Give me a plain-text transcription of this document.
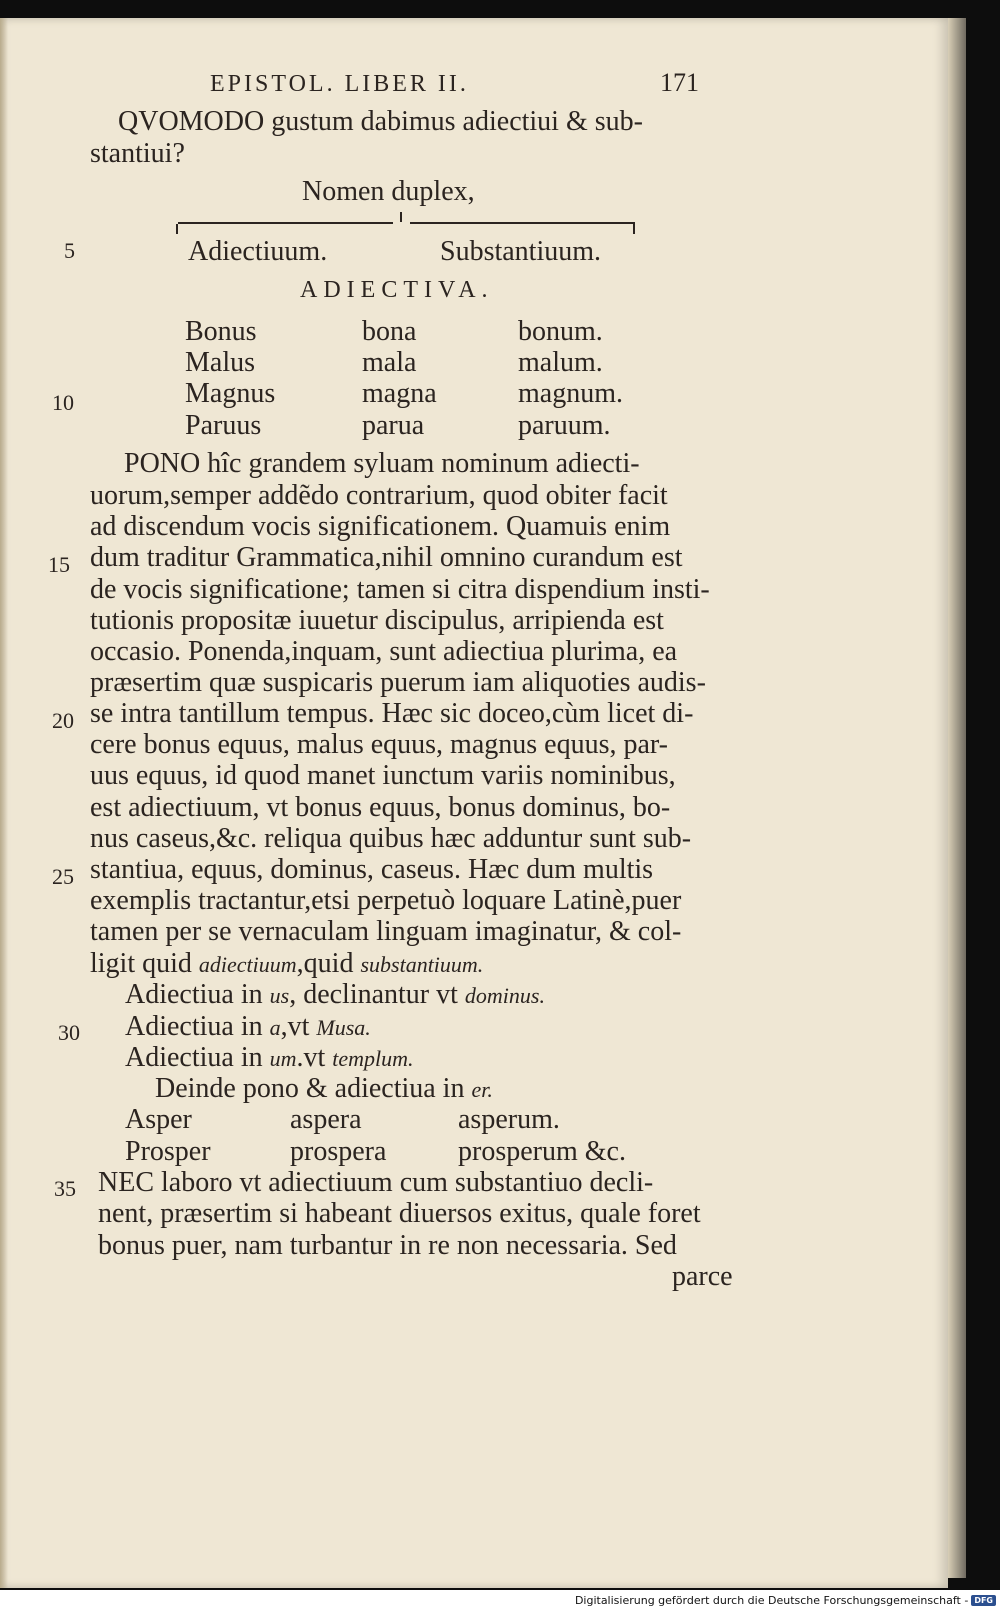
EPISTOL. LIBER II.	171
QVOMODO gustum dabimus adiectiui & sub-
stantiui?
Nomen duplex,
5	Adiectiuum.	Substantiuum.
ADIECTIVA.
Bonus	bona	bonum.
Malus	mala	malum.
10	Magnus	magna	magnum.
Paruus	parua	paruum.
PONO hîc grandem syluam nominum adiecti-
uorum,semper addẽdo contrarium, quod obiter facit
ad discendum vocis significationem. Quamuis enim
15 dum traditur Grammatica,nihil omnino curandum est
de vocis significatione; tamen si citra dispendium insti-
tutionis propositæ iuuetur discipulus, arripienda est
occasio. Ponenda,inquam, sunt adiectiua plurima, ea
præsertim quæ suspicaris puerum iam aliquoties audis-
20 se intra tantillum tempus. Hæc sic doceo,cùm licet di-
cere bonus equus, malus equus, magnus equus, par-
uus equus, id quod manet iunctum variis nominibus,
est adiectiuum, vt bonus equus, bonus dominus, bo-
nus caseus,&c. reliqua quibus hæc adduntur sunt sub-
25 stantiua, equus, dominus, caseus. Hæc dum multis
exemplis tractantur,etsi perpetuò loquare Latinè,puer
tamen per se vernaculam linguam imaginatur, & col-
ligit quid adiectiuum,quid substantiuum.
Adiectiua in us, declinantur vt dominus.
30 Adiectiua in a,vt Musa.
Adiectiua in um.vt templum.
Deinde pono & adiectiua in er.
Asper	aspera	asperum.
Prosper	prospera	prosperum &c.
35 NEC laboro vt adiectiuum cum substantiuo decli-
nent, præsertim si habeant diuersos exitus, quale foret
bonus puer, nam turbantur in re non necessaria. Sed
parce
Digitalisierung gefördert durch die Deutsche Forschungsgemeinschaft - DFG
